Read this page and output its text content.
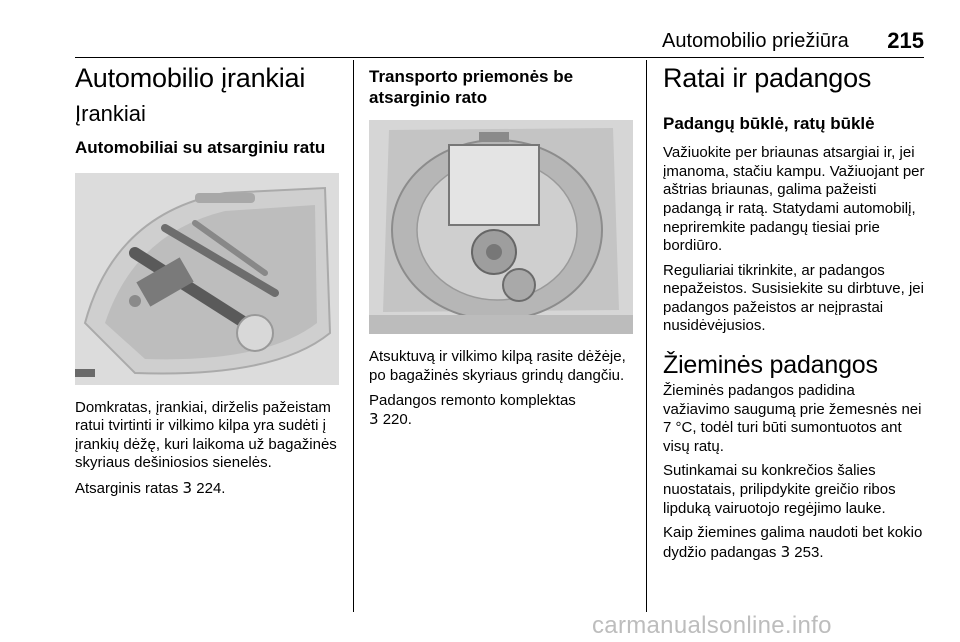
Automobilio priežiūra 215
Automobilio įrankiai
Įrankiai
Automobiliai su atsarginiu ratu

Domkratas, įrankiai, dirželis pažeistam ratui tvirtinti ir vilkimo kilpa yra sudėti į įrankių dėžę, kuri laikoma už bagažinės skyriaus dešiniosios sienelės.

Atsarginis ratas 3 224.

Transporto priemonės be atsarginio rato

Atsuktuvą ir vilkimo kilpą rasite dėžėje, po bagažinės skyriaus grindų dangčiu.

Padangos remonto komplektas

3 220.

Ratai ir padangos
Padangų būklė, ratų būklė

Važiuokite per briaunas atsargiai ir, jei įmanoma, stačiu kampu. Važiuojant per aštrias briaunas, galima pažeisti padangą ir ratą. Statydami automobilį, nepriremkite padangų tiesiai prie bordiūro.

Reguliariai tikrinkite, ar padangos nepažeistos. Susisiekite su dirbtuve, jei padangos pažeistos ar neįprastai nusidėvėjusios.

Žieminės padangos

Žieminės padangos padidina važiavimo saugumą prie žemesnės nei 7 °C, todėl turi būti sumontuotos ant visų ratų.

Sutinkamai su konkrečios šalies nuostatais, prilipdykite greičio ribos lipduką vairuotojo regėjimo lauke.

Kaip žiemines galima naudoti bet kokio dydžio padangas 3 253.

carmanualsonline.info
